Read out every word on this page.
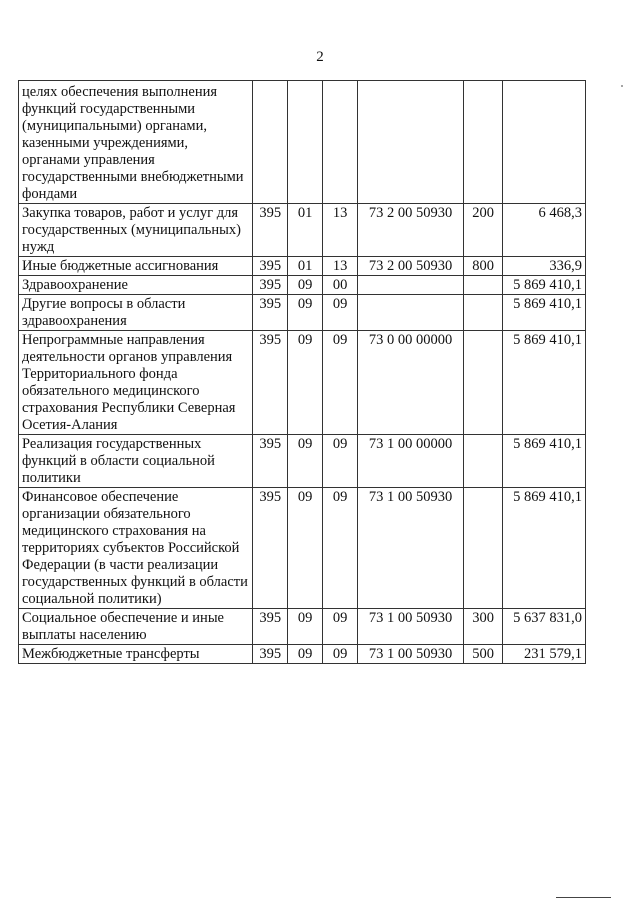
2
целях обеспечения выполнения функций государственными (муниципальными) органами, казенными учреждениями, органами управления государственными внебюджетными фондами						
Закупка товаров, работ и услуг для государственных (муниципальных) нужд	395	01	13	73 2 00 50930	200	6 468,3
Иные бюджетные ассигнования	395	01	13	73 2 00 50930	800	336,9
Здравоохранение	395	09	00			5 869 410,1
Другие вопросы в области здравоохранения	395	09	09			5 869 410,1
Непрограммные направления деятельности органов управления Территориального фонда обязательного медицинского страхования Республики Северная Осетия-Алания	395	09	09	73 0 00 00000		5 869 410,1
Реализация государственных функций в области социальной политики	395	09	09	73 1 00 00000		5 869 410,1
Финансовое обеспечение организации обязательного медицинского страхования на территориях субъектов Российской Федерации (в части реализации государственных функций в области социальной политики)	395	09	09	73 1 00 50930		5 869 410,1
Социальное обеспечение и иные выплаты населению	395	09	09	73 1 00 50930	300	5 637 831,0
Межбюджетные трансферты	395	09	09	73 1 00 50930	500	231 579,1
